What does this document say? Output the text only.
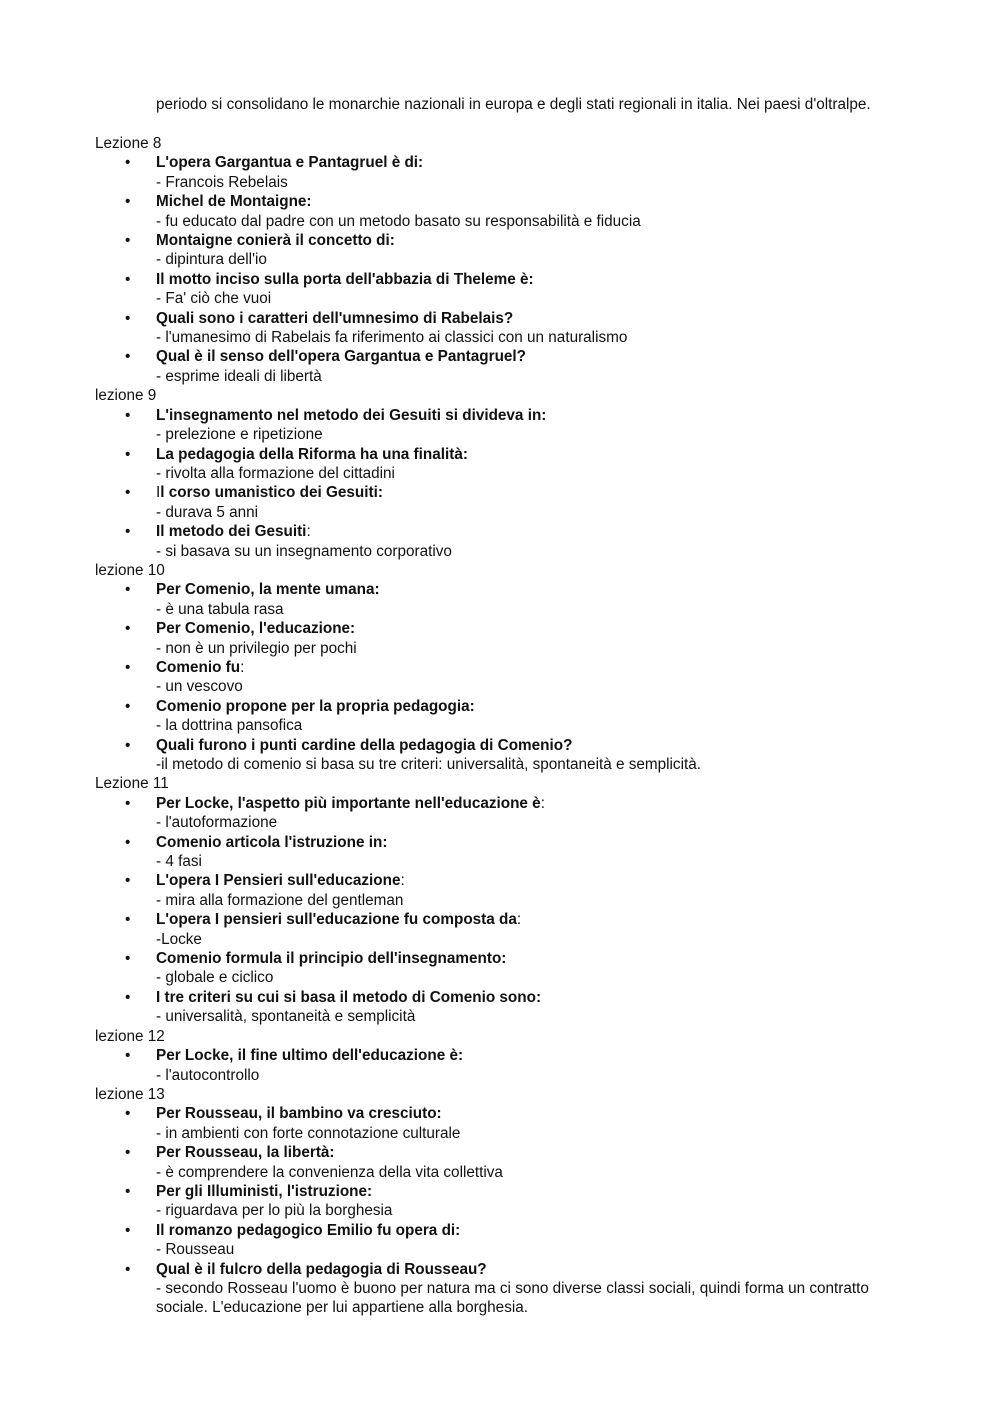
periodo si consolidano le monarchie nazionali in europa e degli stati regionali in italia. Nei paesi d'oltralpe.
Lezione 8
• L'opera Gargantua e Pantagruel è di:
- Francois Rebelais
• Michel de Montaigne:
- fu educato dal padre con un metodo basato su responsabilità e fiducia
• Montaigne conierà il concetto di:
- dipintura dell'io
• Il motto inciso sulla porta dell'abbazia di Theleme è:
- Fa' ciò che vuoi
• Quali sono i caratteri dell'umnesimo di Rabelais?
- l'umanesimo di Rabelais fa riferimento ai classici con un naturalismo
• Qual è il senso dell'opera Gargantua e Pantagruel?
- esprime ideali di libertà
lezione 9
• L'insegnamento nel metodo dei Gesuiti si divideva in:
- prelezione e ripetizione
• La pedagogia della Riforma ha una finalità:
- rivolta alla formazione del cittadini
• Il corso umanistico dei Gesuiti:
- durava 5 anni
• Il metodo dei Gesuiti:
- si basava su un insegnamento corporativo
lezione 10
• Per Comenio, la mente umana:
- è una tabula rasa
• Per Comenio, l'educazione:
- non è un privilegio per pochi
• Comenio fu:
- un vescovo
• Comenio propone per la propria pedagogia:
- la dottrina pansofica
• Quali furono i punti cardine della pedagogia di Comenio?
-il metodo di comenio si basa su tre criteri: universalità, spontaneità e semplicità.
Lezione 11
• Per Locke, l'aspetto più importante nell'educazione è:
- l'autoformazione
• Comenio articola l'istruzione in:
- 4 fasi
• L'opera I Pensieri sull'educazione:
- mira alla formazione del gentleman
• L'opera I pensieri sull'educazione fu composta da:
-Locke
• Comenio formula il principio dell'insegnamento:
- globale e ciclico
• I tre criteri su cui si basa il metodo di Comenio sono:
- universalità, spontaneità e semplicità
lezione 12
• Per Locke, il fine ultimo dell'educazione è:
- l'autocontrollo
lezione 13
• Per Rousseau, il bambino va cresciuto:
- in ambienti con forte connotazione culturale
• Per Rousseau, la libertà:
- è comprendere la convenienza della vita collettiva
• Per gli Illuministi, l'istruzione:
- riguardava per lo più la borghesia
• Il romanzo pedagogico Emilio fu opera di:
- Rousseau
• Qual è il fulcro della pedagogia di Rousseau?
- secondo Rosseau l'uomo è buono per natura ma ci sono diverse classi sociali, quindi forma un contratto sociale. L'educazione per lui appartiene alla borghesia.
